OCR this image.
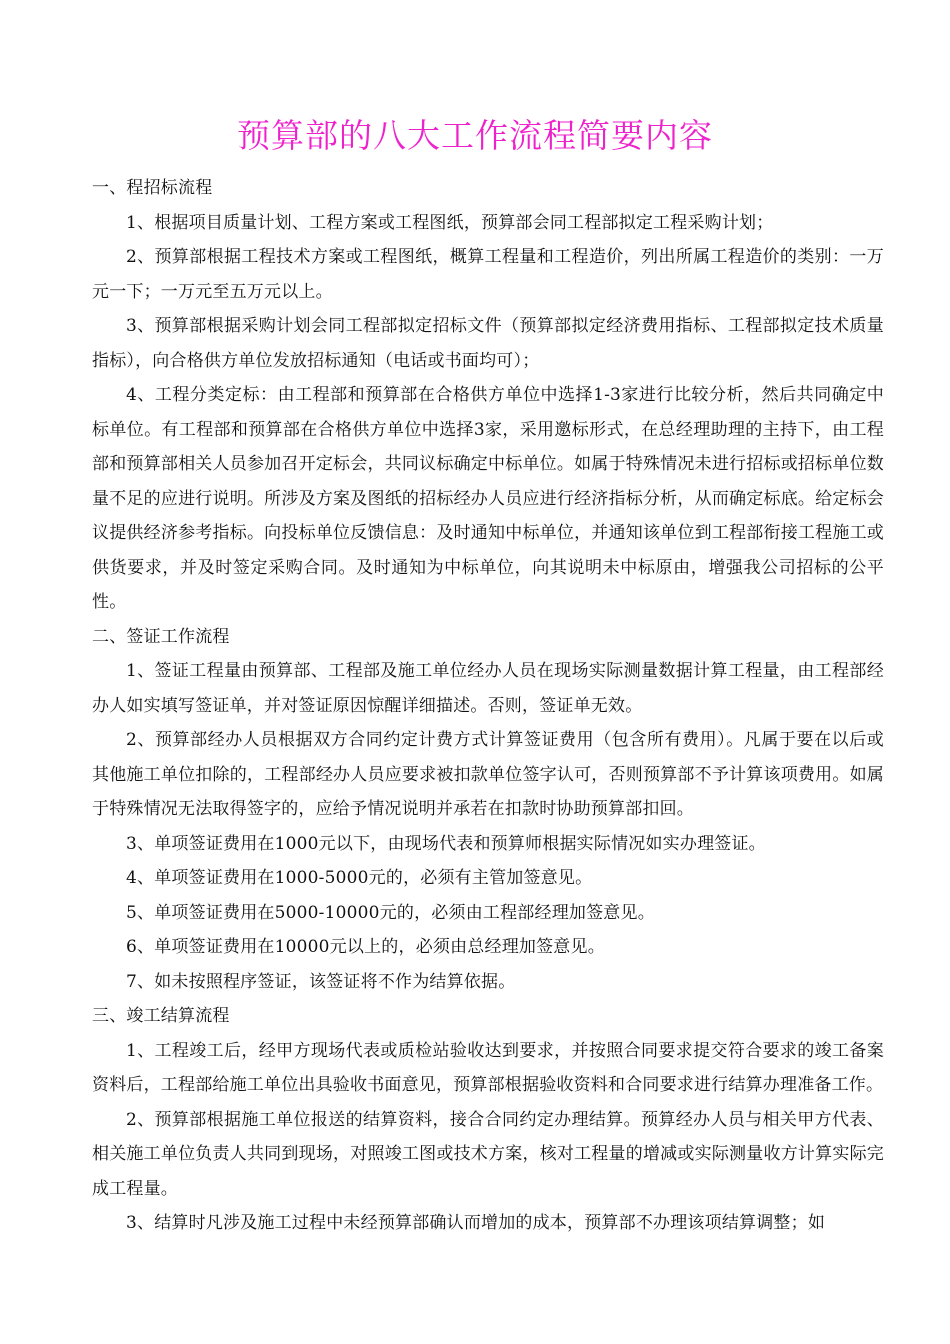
预算部的八大工作流程简要内容

一、程招标流程

1、根据项目质量计划、工程方案或工程图纸，预算部会同工程部拟定工程采购计划；

2、预算部根据工程技术方案或工程图纸，概算工程量和工程造价，列出所属工程造价的类别：一万元一下；一万元至五万元以上。

3、预算部根据采购计划会同工程部拟定招标文件（预算部拟定经济费用指标、工程部拟定技术质量指标），向合格供方单位发放招标通知（电话或书面均可）；

4、工程分类定标：由工程部和预算部在合格供方单位中选择1-3家进行比较分析，然后共同确定中标单位。有工程部和预算部在合格供方单位中选择3家，采用邀标形式，在总经理助理的主持下，由工程部和预算部相关人员参加召开定标会，共同议标确定中标单位。如属于特殊情况未进行招标或招标单位数量不足的应进行说明。所涉及方案及图纸的招标经办人员应进行经济指标分析，从而确定标底。给定标会议提供经济参考指标。向投标单位反馈信息：及时通知中标单位，并通知该单位到工程部衔接工程施工或供货要求，并及时签定采购合同。及时通知为中标单位，向其说明未中标原由，增强我公司招标的公平性。

二、签证工作流程

1、签证工程量由预算部、工程部及施工单位经办人员在现场实际测量数据计算工程量，由工程部经办人如实填写签证单，并对签证原因惊醒详细描述。否则，签证单无效。

2、预算部经办人员根据双方合同约定计费方式计算签证费用（包含所有费用）。凡属于要在以后或其他施工单位扣除的，工程部经办人员应要求被扣款单位签字认可，否则预算部不予计算该项费用。如属于特殊情况无法取得签字的，应给予情况说明并承若在扣款时协助预算部扣回。

3、单项签证费用在1000元以下，由现场代表和预算师根据实际情况如实办理签证。

4、单项签证费用在1000-5000元的，必须有主管加签意见。

5、单项签证费用在5000-10000元的，必须由工程部经理加签意见。

6、单项签证费用在10000元以上的，必须由总经理加签意见。

7、如未按照程序签证，该签证将不作为结算依据。

三、竣工结算流程

1、工程竣工后，经甲方现场代表或质检站验收达到要求，并按照合同要求提交符合要求的竣工备案资料后，工程部给施工单位出具验收书面意见，预算部根据验收资料和合同要求进行结算办理准备工作。

2、预算部根据施工单位报送的结算资料，接合合同约定办理结算。预算经办人员与相关甲方代表、相关施工单位负责人共同到现场，对照竣工图或技术方案，核对工程量的增减或实际测量收方计算实际完成工程量。

3、结算时凡涉及施工过程中未经预算部确认而增加的成本，预算部不办理该项结算调整；如
